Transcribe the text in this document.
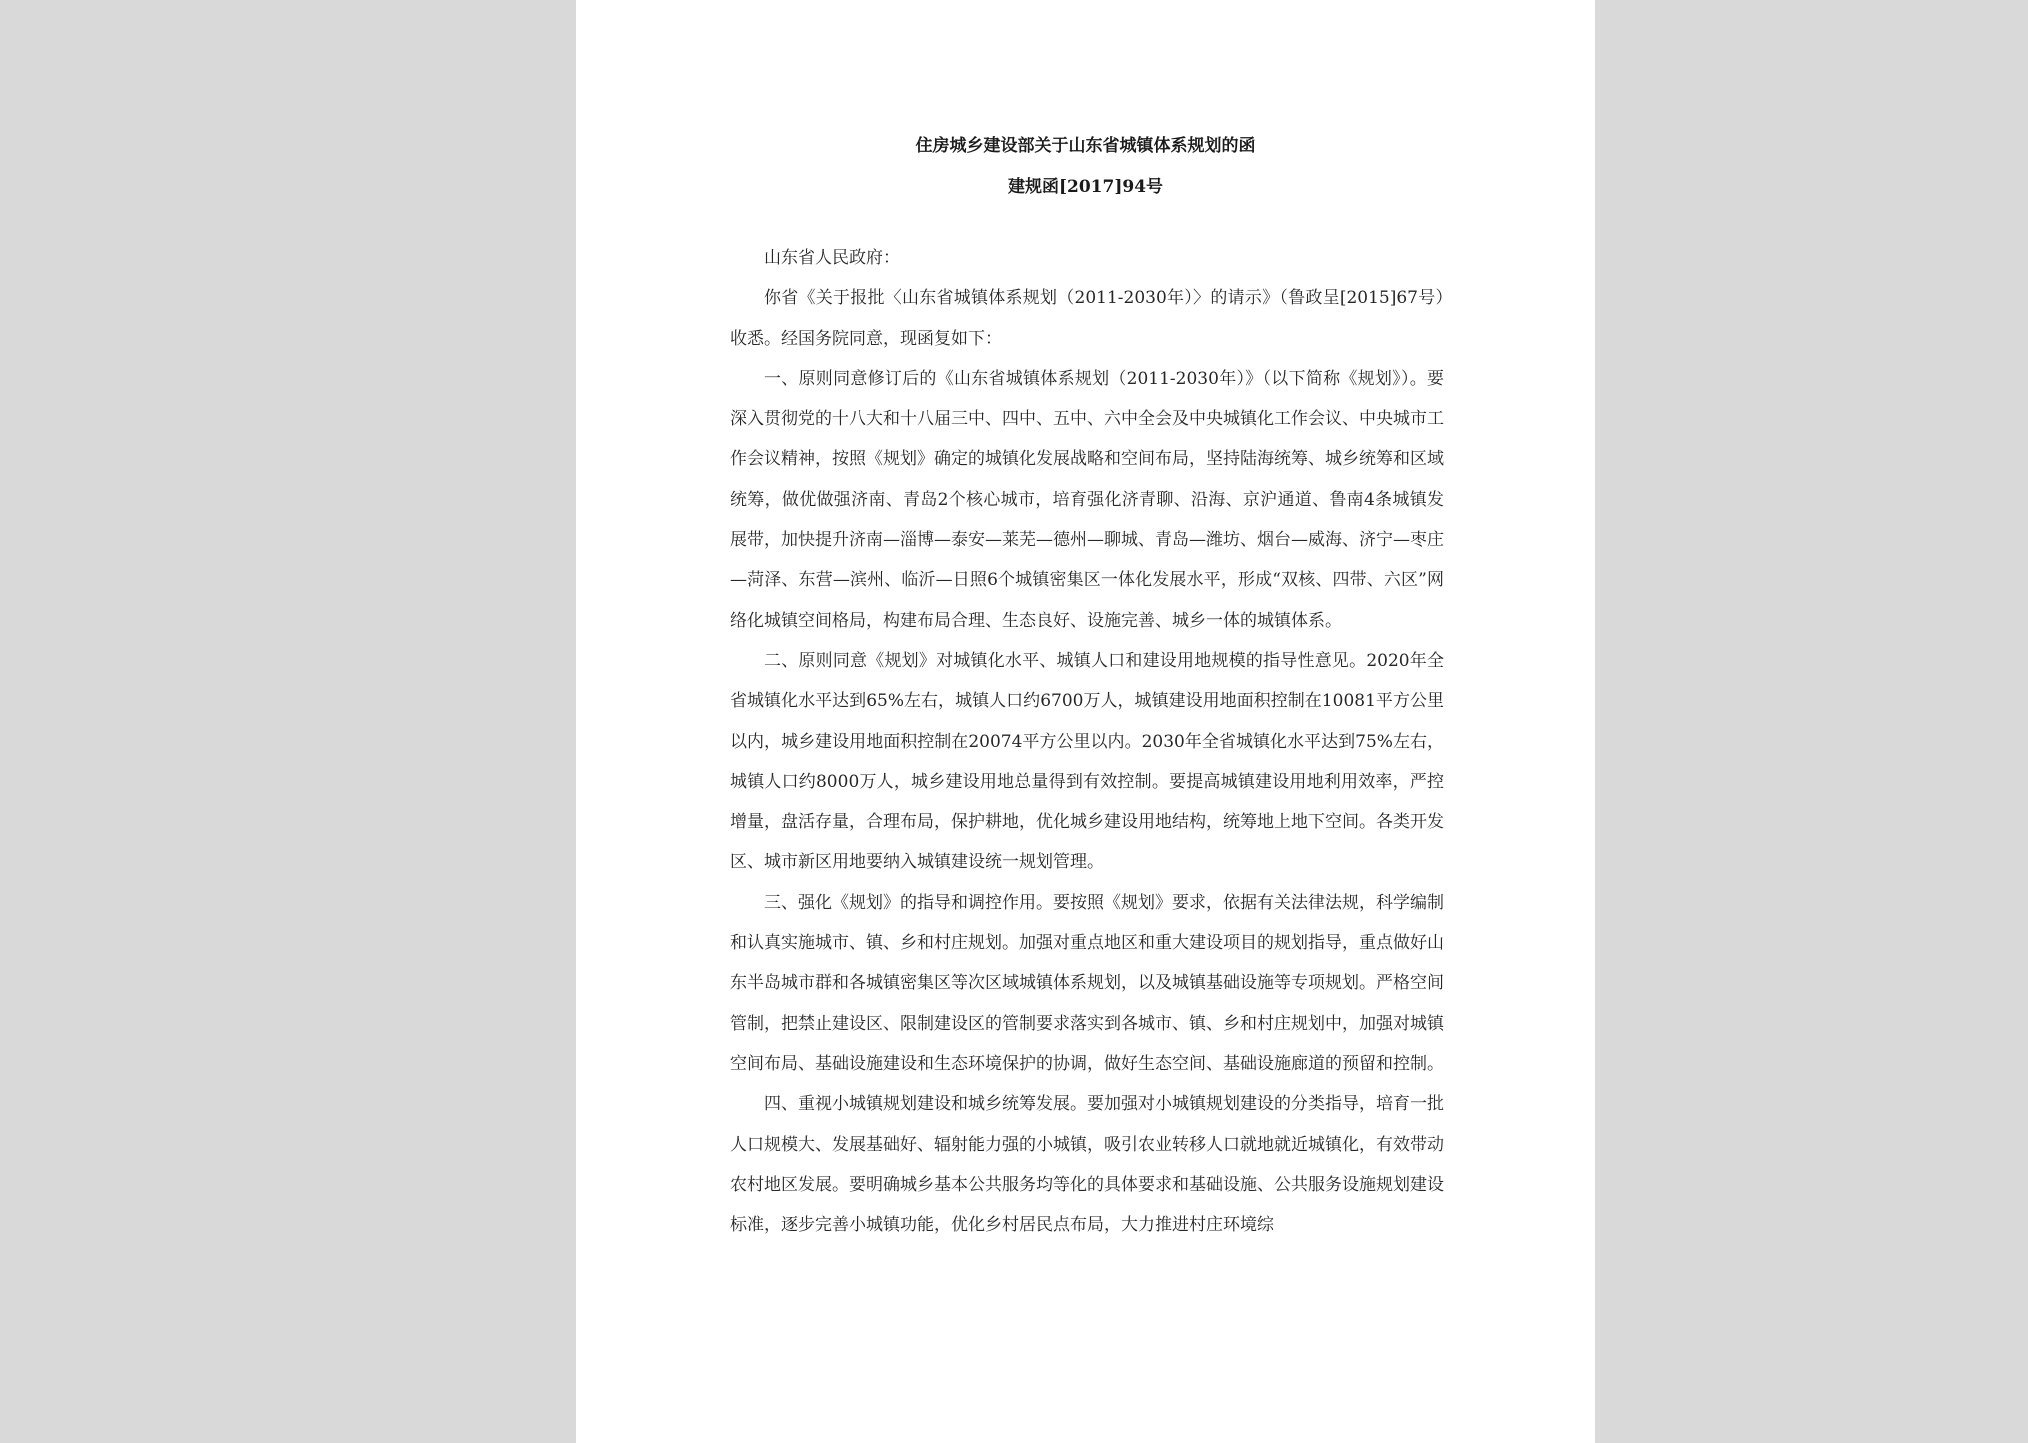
住房城乡建设部关于山东省城镇体系规划的函
建规函[2017]94号

山东省人民政府：

你省《关于报批〈山东省城镇体系规划（2011-2030年）〉的请示》（鲁政呈[2015]67号）收悉。经国务院同意，现函复如下：

一、原则同意修订后的《山东省城镇体系规划（2011-2030年）》（以下简称《规划》）。要深入贯彻党的十八大和十八届三中、四中、五中、六中全会及中央城镇化工作会议、中央城市工作会议精神，按照《规划》确定的城镇化发展战略和空间布局，坚持陆海统筹、城乡统筹和区域统筹，做优做强济南、青岛2个核心城市，培育强化济青聊、沿海、京沪通道、鲁南4条城镇发展带，加快提升济南—淄博—泰安—莱芜—德州—聊城、青岛—潍坊、烟台—威海、济宁—枣庄—菏泽、东营—滨州、临沂—日照6个城镇密集区一体化发展水平，形成“双核、四带、六区”网络化城镇空间格局，构建布局合理、生态良好、设施完善、城乡一体的城镇体系。

二、原则同意《规划》对城镇化水平、城镇人口和建设用地规模的指导性意见。2020年全省城镇化水平达到65%左右，城镇人口约6700万人，城镇建设用地面积控制在10081平方公里以内，城乡建设用地面积控制在20074平方公里以内。2030年全省城镇化水平达到75%左右，城镇人口约8000万人，城乡建设用地总量得到有效控制。要提高城镇建设用地利用效率，严控增量，盘活存量，合理布局，保护耕地，优化城乡建设用地结构，统筹地上地下空间。各类开发区、城市新区用地要纳入城镇建设统一规划管理。

三、强化《规划》的指导和调控作用。要按照《规划》要求，依据有关法律法规，科学编制和认真实施城市、镇、乡和村庄规划。加强对重点地区和重大建设项目的规划指导，重点做好山东半岛城市群和各城镇密集区等次区域城镇体系规划，以及城镇基础设施等专项规划。严格空间管制，把禁止建设区、限制建设区的管制要求落实到各城市、镇、乡和村庄规划中，加强对城镇空间布局、基础设施建设和生态环境保护的协调，做好生态空间、基础设施廊道的预留和控制。

四、重视小城镇规划建设和城乡统筹发展。要加强对小城镇规划建设的分类指导，培育一批人口规模大、发展基础好、辐射能力强的小城镇，吸引农业转移人口就地就近城镇化，有效带动农村地区发展。要明确城乡基本公共服务均等化的具体要求和基础设施、公共服务设施规划建设标准，逐步完善小城镇功能，优化乡村居民点布局，大力推进村庄环境综
